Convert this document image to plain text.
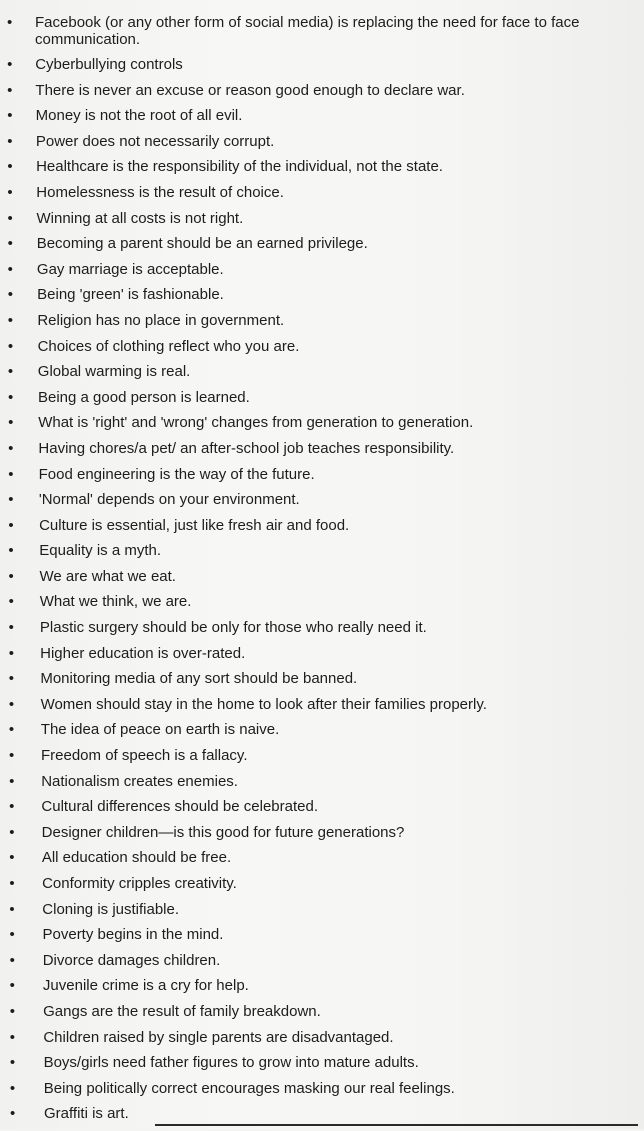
• Facebook (or any other form of social media) is replacing the need for face to face communication.
• Cyberbullying controls
• There is never an excuse or reason good enough to declare war.
• Money is not the root of all evil.
• Power does not necessarily corrupt.
• Healthcare is the responsibility of the individual, not the state.
• Homelessness is the result of choice.
• Winning at all costs is not right.
• Becoming a parent should be an earned privilege.
• Gay marriage is acceptable.
• Being 'green' is fashionable.
• Religion has no place in government.
• Choices of clothing reflect who you are.
• Global warming is real.
• Being a good person is learned.
• What is 'right' and 'wrong' changes from generation to generation.
• Having chores/a pet/ an after-school job teaches responsibility.
• Food engineering is the way of the future.
• 'Normal' depends on your environment.
• Culture is essential, just like fresh air and food.
• Equality is a myth.
• We are what we eat.
• What we think, we are.
• Plastic surgery should be only for those who really need it.
• Higher education is over-rated.
• Monitoring media of any sort should be banned.
• Women should stay in the home to look after their families properly.
• The idea of peace on earth is naive.
• Freedom of speech is a fallacy.
• Nationalism creates enemies.
• Cultural differences should be celebrated.
• Designer children—is this good for future generations?
• All education should be free.
• Conformity cripples creativity.
• Cloning is justifiable.
• Poverty begins in the mind.
• Divorce damages children.
• Juvenile crime is a cry for help.
• Gangs are the result of family breakdown.
• Children raised by single parents are disadvantaged.
• Boys/girls need father figures to grow into mature adults.
• Being politically correct encourages masking our real feelings.
• Graffiti is art.
